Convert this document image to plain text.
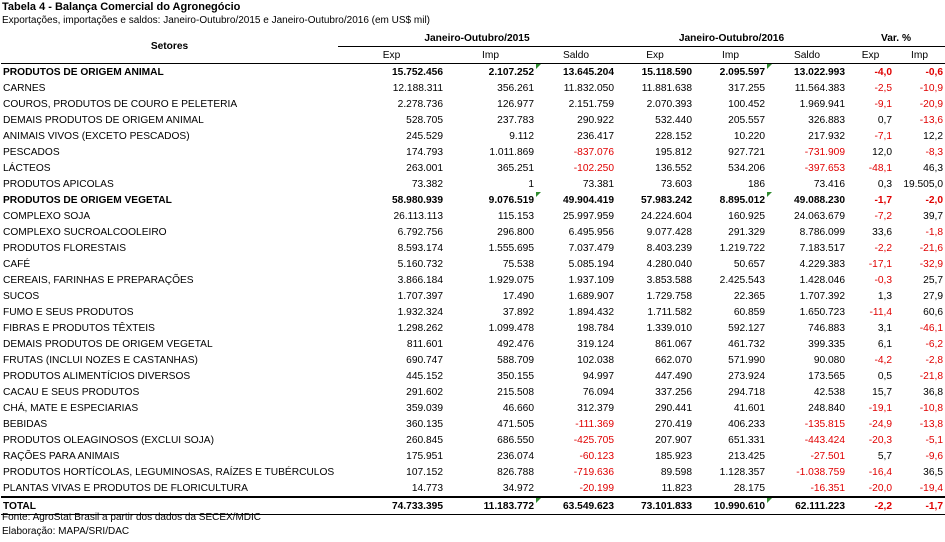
Tabela 4 - Balança Comercial do Agronegócio
Exportações, importações e saldos: Janeiro-Outubro/2015 e Janeiro-Outubro/2016 (em US$ mil)
Setores	Janeiro-Outubro/2015			Janeiro-Outubro/2016			Var. %	
	Exp	Imp	Saldo	Exp	Imp	Saldo	Exp	Imp
PRODUTOS DE ORIGEM ANIMAL	15.752.456	2.107.252	13.645.204	15.118.590	2.095.597	13.022.993	-4,0	-0,6
CARNES	12.188.311	356.261	11.832.050	11.881.638	317.255	11.564.383	-2,5	-10,9
COUROS, PRODUTOS DE COURO E PELETERIA	2.278.736	126.977	2.151.759	2.070.393	100.452	1.969.941	-9,1	-20,9
DEMAIS PRODUTOS DE ORIGEM ANIMAL	528.705	237.783	290.922	532.440	205.557	326.883	0,7	-13,6
ANIMAIS VIVOS (EXCETO PESCADOS)	245.529	9.112	236.417	228.152	10.220	217.932	-7,1	12,2
PESCADOS	174.793	1.011.869	-837.076	195.812	927.721	-731.909	12,0	-8,3
LÁCTEOS	263.001	365.251	-102.250	136.552	534.206	-397.653	-48,1	46,3
PRODUTOS APICOLAS	73.382	1	73.381	73.603	186	73.416	0,3	19.505,0
PRODUTOS DE ORIGEM VEGETAL	58.980.939	9.076.519	49.904.419	57.983.242	8.895.012	49.088.230	-1,7	-2,0
COMPLEXO SOJA	26.113.113	115.153	25.997.959	24.224.604	160.925	24.063.679	-7,2	39,7
COMPLEXO SUCROALCOOLEIRO	6.792.756	296.800	6.495.956	9.077.428	291.329	8.786.099	33,6	-1,8
PRODUTOS FLORESTAIS	8.593.174	1.555.695	7.037.479	8.403.239	1.219.722	7.183.517	-2,2	-21,6
CAFÉ	5.160.732	75.538	5.085.194	4.280.040	50.657	4.229.383	-17,1	-32,9
CEREAIS, FARINHAS E PREPARAÇÕES	3.866.184	1.929.075	1.937.109	3.853.588	2.425.543	1.428.046	-0,3	25,7
SUCOS	1.707.397	17.490	1.689.907	1.729.758	22.365	1.707.392	1,3	27,9
FUMO E SEUS PRODUTOS	1.932.324	37.892	1.894.432	1.711.582	60.859	1.650.723	-11,4	60,6
FIBRAS E PRODUTOS TÊXTEIS	1.298.262	1.099.478	198.784	1.339.010	592.127	746.883	3,1	-46,1
DEMAIS PRODUTOS DE ORIGEM VEGETAL	811.601	492.476	319.124	861.067	461.732	399.335	6,1	-6,2
FRUTAS (INCLUI NOZES E CASTANHAS)	690.747	588.709	102.038	662.070	571.990	90.080	-4,2	-2,8
PRODUTOS ALIMENTÍCIOS DIVERSOS	445.152	350.155	94.997	447.490	273.924	173.565	0,5	-21,8
CACAU E SEUS PRODUTOS	291.602	215.508	76.094	337.256	294.718	42.538	15,7	36,8
CHÁ, MATE E ESPECIARIAS	359.039	46.660	312.379	290.441	41.601	248.840	-19,1	-10,8
BEBIDAS	360.135	471.505	-111.369	270.419	406.233	-135.815	-24,9	-13,8
PRODUTOS OLEAGINOSOS (EXCLUI SOJA)	260.845	686.550	-425.705	207.907	651.331	-443.424	-20,3	-5,1
RAÇÕES PARA ANIMAIS	175.951	236.074	-60.123	185.923	213.425	-27.501	5,7	-9,6
PRODUTOS HORTÍCOLAS, LEGUMINOSAS, RAÍZES E TUBÉRCULOS	107.152	826.788	-719.636	89.598	1.128.357	-1.038.759	-16,4	36,5
PLANTAS VIVAS E PRODUTOS DE FLORICULTURA	14.773	34.972	-20.199	11.823	28.175	-16.351	-20,0	-19,4
TOTAL	74.733.395	11.183.772	63.549.623	73.101.833	10.990.610	62.111.223	-2,2	-1,7
Fonte: AgroStat Brasil a partir dos dados da SECEX/MDIC
Elaboração: MAPA/SRI/DAC
